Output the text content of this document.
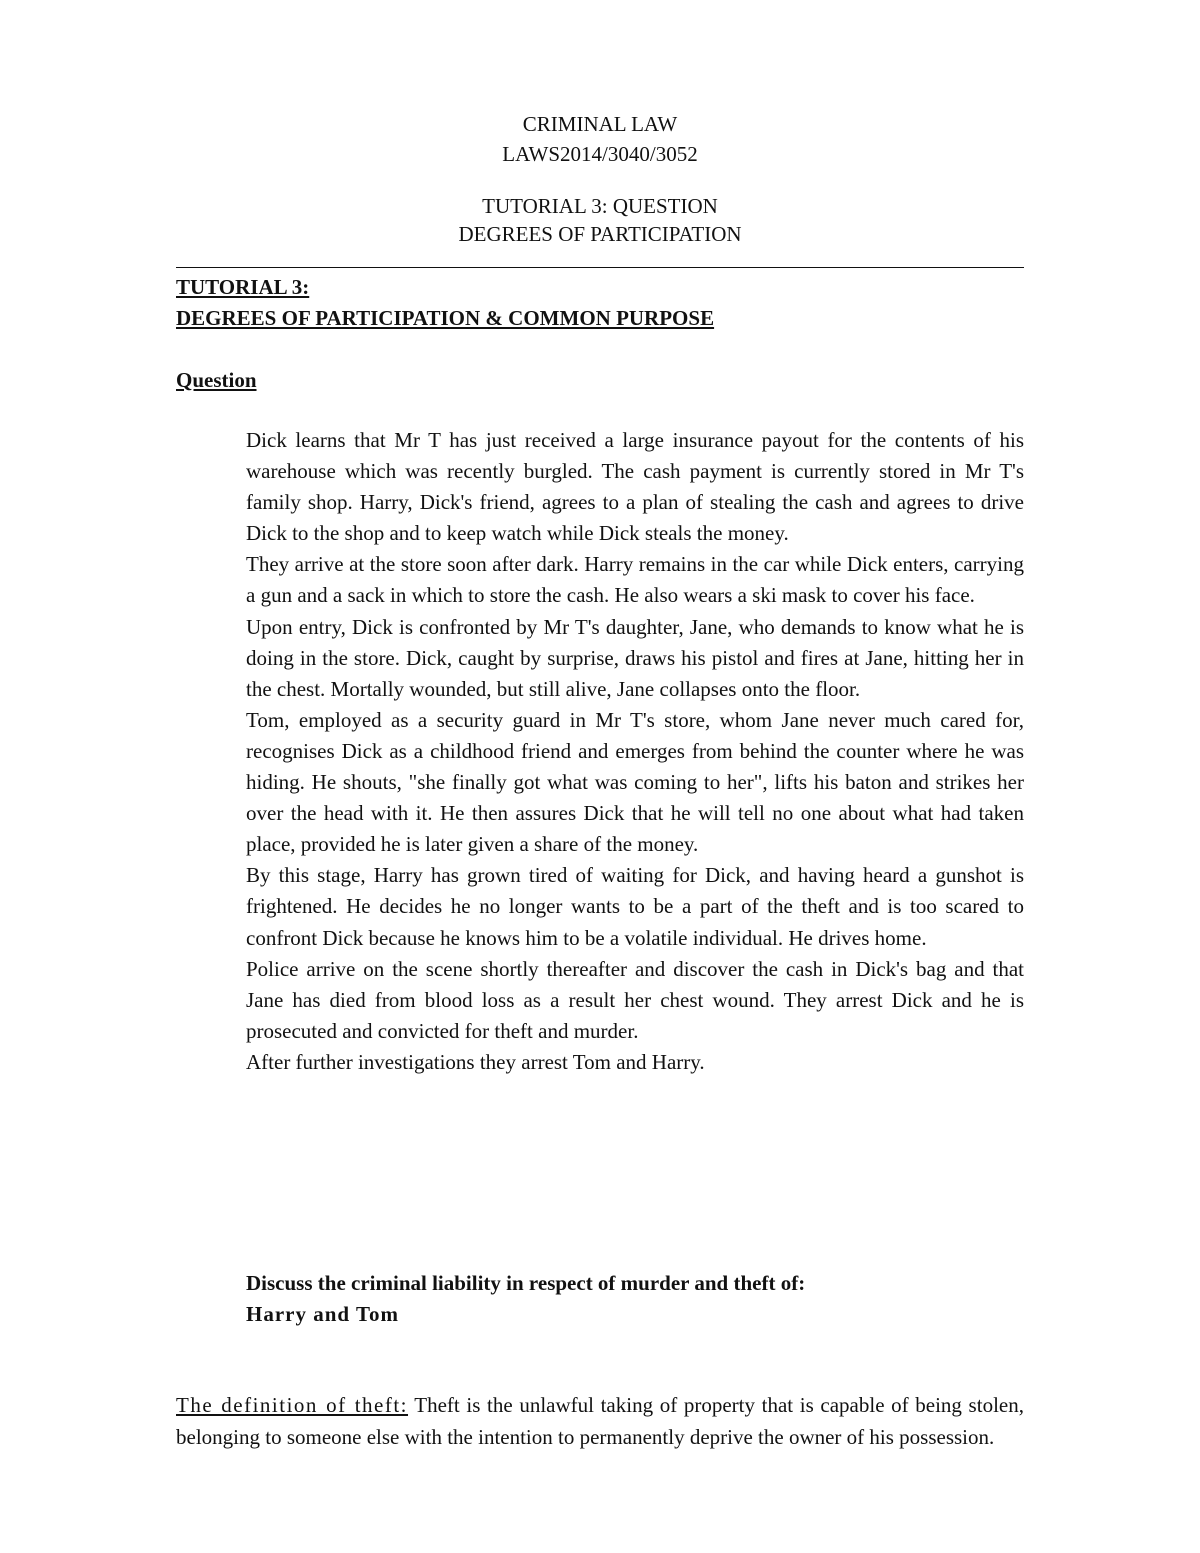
CRIMINAL LAW
LAWS2014/3040/3052
TUTORIAL 3: QUESTION
DEGREES OF PARTICIPATION
TUTORIAL 3:
DEGREES OF PARTICIPATION & COMMON PURPOSE
Question

Dick learns that Mr T has just received a large insurance payout for the contents of his warehouse which was recently burgled. The cash payment is currently stored in Mr T's family shop. Harry, Dick's friend, agrees to a plan of stealing the cash and agrees to drive Dick to the shop and to keep watch while Dick steals the money.

They arrive at the store soon after dark. Harry remains in the car while Dick enters, carrying a gun and a sack in which to store the cash. He also wears a ski mask to cover his face.

Upon entry, Dick is confronted by Mr T's daughter, Jane, who demands to know what he is doing in the store. Dick, caught by surprise, draws his pistol and fires at Jane, hitting her in the chest. Mortally wounded, but still alive, Jane collapses onto the floor.

Tom, employed as a security guard in Mr T's store, whom Jane never much cared for, recognises Dick as a childhood friend and emerges from behind the counter where he was hiding. He shouts, "she finally got what was coming to her", lifts his baton and strikes her over the head with it. He then assures Dick that he will tell no one about what had taken place, provided he is later given a share of the money.

By this stage, Harry has grown tired of waiting for Dick, and having heard a gunshot is frightened. He decides he no longer wants to be a part of the theft and is too scared to confront Dick because he knows him to be a volatile individual. He drives home.

Police arrive on the scene shortly thereafter and discover the cash in Dick's bag and that Jane has died from blood loss as a result her chest wound. They arrest Dick and he is prosecuted and convicted for theft and murder.

After further investigations they arrest Tom and Harry.

Discuss the criminal liability in respect of murder and theft of:
Harry and Tom
The definition of theft: Theft is the unlawful taking of property that is capable of being stolen, belonging to someone else with the intention to permanently deprive the owner of his possession.
